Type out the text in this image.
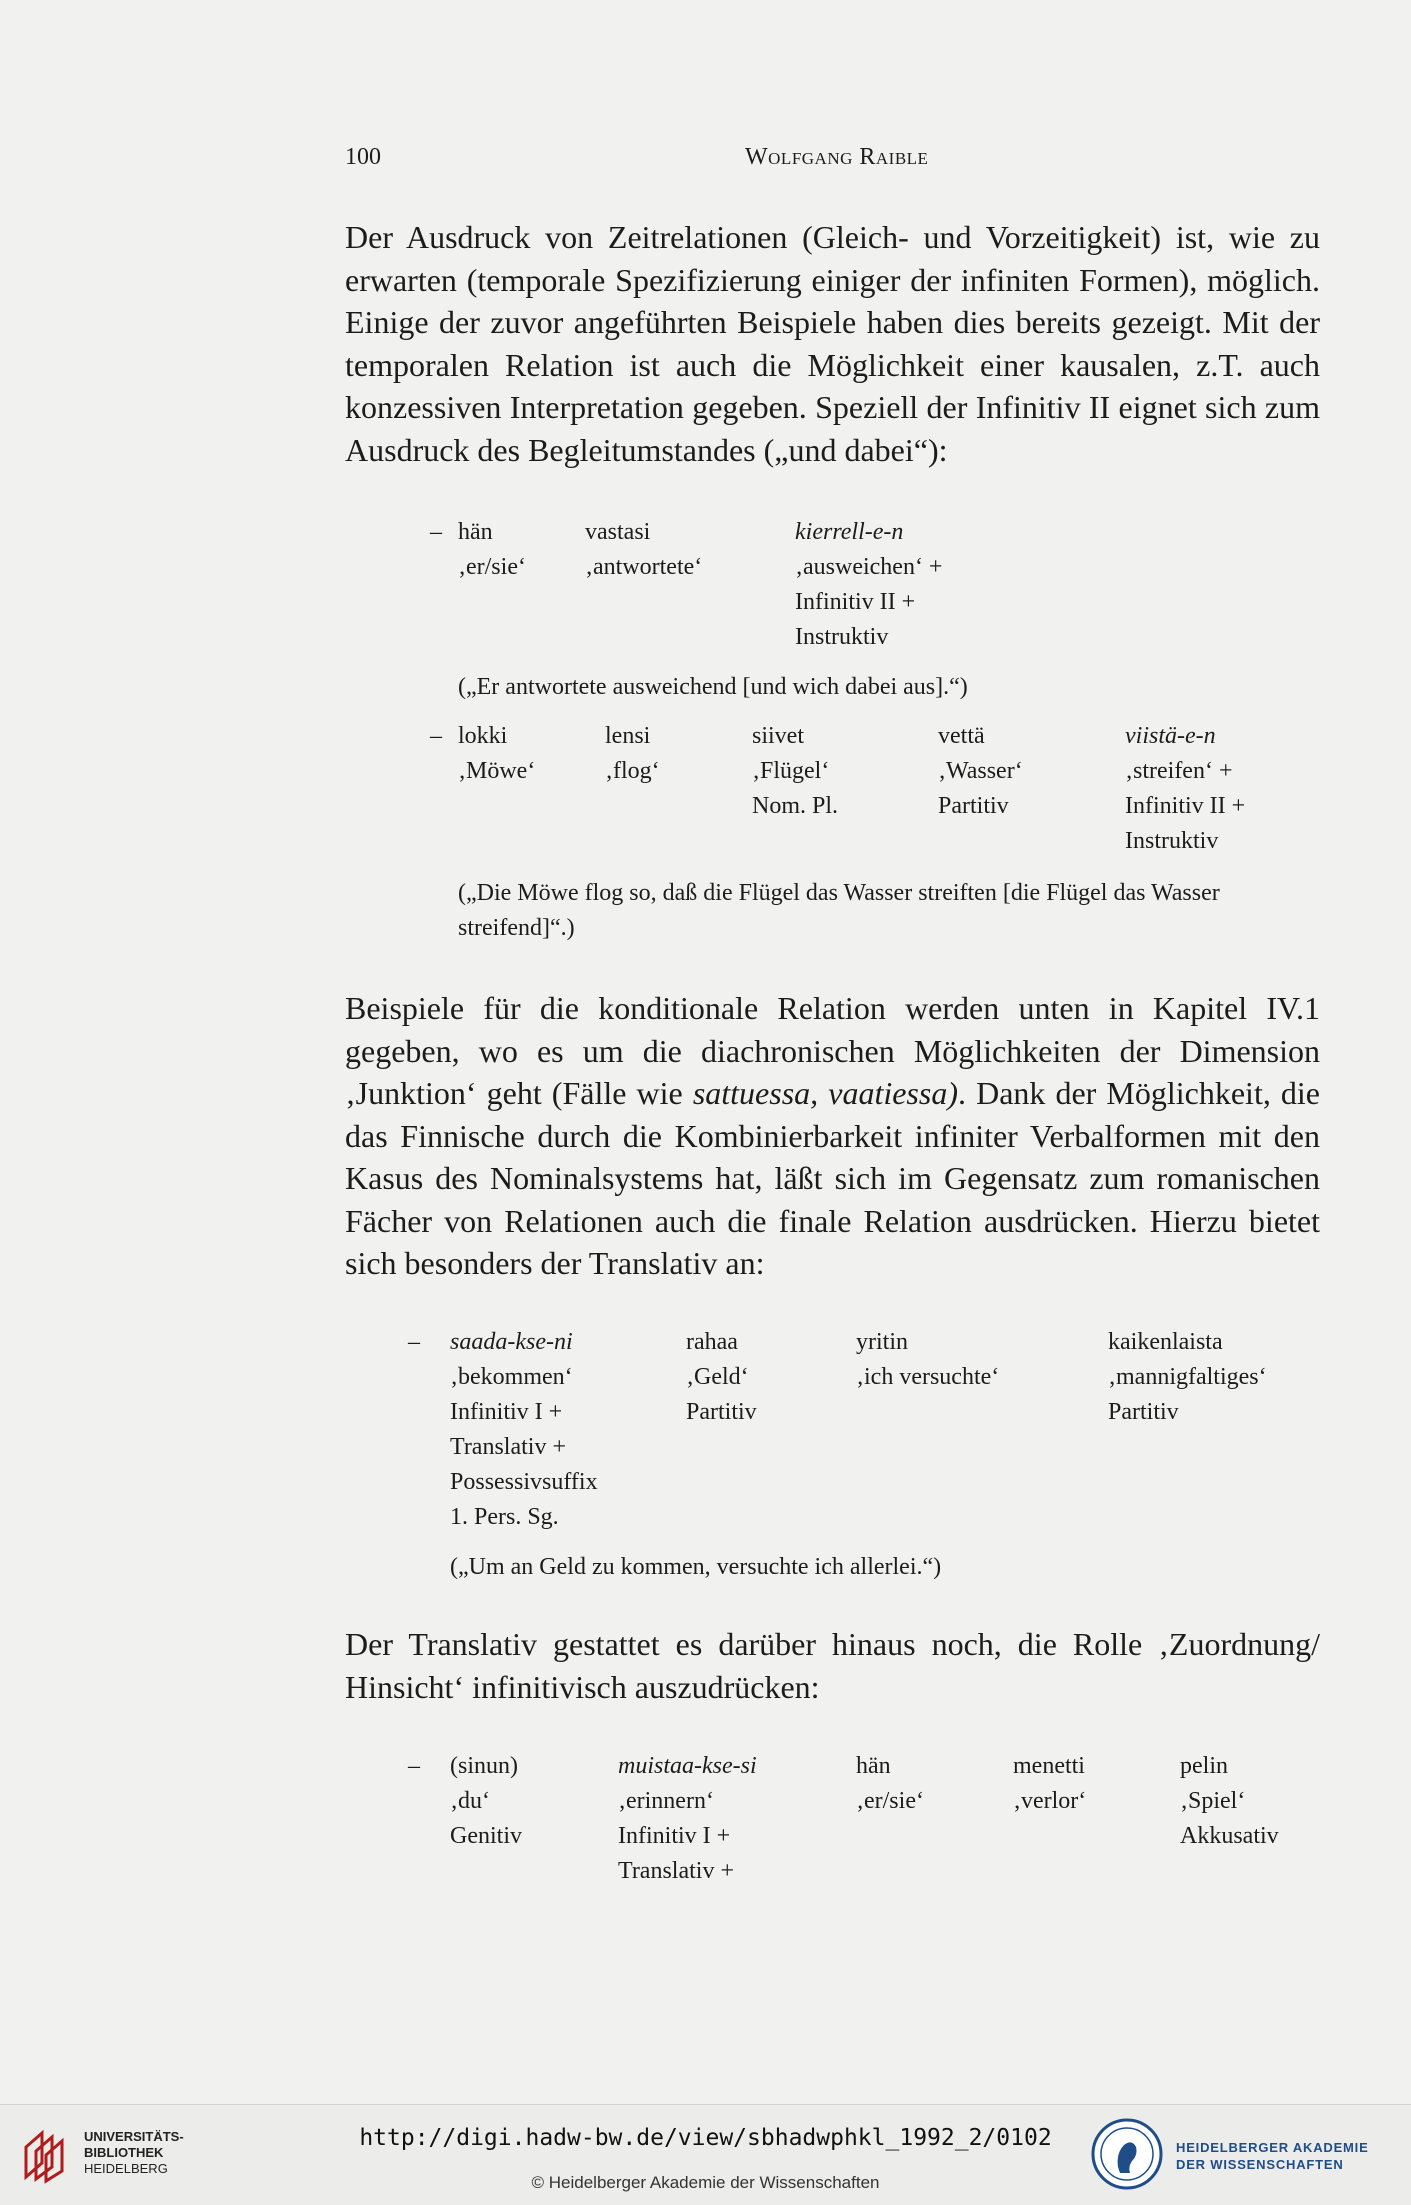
100	Wolfgang Raible
Der Ausdruck von Zeitrelationen (Gleich- und Vorzeitigkeit) ist, wie zu erwarten (temporale Spezifizierung einiger der infiniten Formen), möglich. Einige der zuvor angeführten Beispiele haben dies bereits gezeigt. Mit der temporalen Relation ist auch die Möglichkeit einer kausalen, z.T. auch konzessiven Interpretation gegeben. Speziell der Infinitiv II eignet sich zum Ausdruck des Begleitumstandes („und dabei“):
– hän
‚er/sie‘
vastasi
‚antwortete‘
kierrell-e-n
‚ausweichen‘ +
Infinitiv II +
Instruktiv
(„Er antwortete ausweichend [und wich dabei aus].“)
– lokki
‚Möwe‘
lensi
‚flog‘
siivet
‚Flügel‘
Nom. Pl.
vettä
‚Wasser‘
Partitiv
viistä-e-n
‚streifen‘ +
Infinitiv II +
Instruktiv
(„Die Möwe flog so, daß die Flügel das Wasser streiften [die Flügel das Wasser
streifend]“.)
Beispiele für die konditionale Relation werden unten in Kapitel IV.1 gegeben, wo es um die diachronischen Möglichkeiten der Dimension ‚Junktion‘ geht (Fälle wie sattuessa, vaatiessa). Dank der Möglichkeit, die das Finnische durch die Kombinierbarkeit infiniter Verbalformen mit den Kasus des Nominalsystems hat, läßt sich im Gegensatz zum romanischen Fächer von Relationen auch die finale Relation ausdrücken. Hierzu bietet sich besonders der Translativ an:
– saada-kse-ni
‚bekommen‘
Infinitiv I +
Translativ +
Possessivsuffix
1. Pers. Sg.
rahaa
‚Geld‘
Partitiv
yritin
‚ich versuchte‘
kaikenlaista
‚mannigfaltiges‘
Partitiv
(„Um an Geld zu kommen, versuchte ich allerlei.“)
Der Translativ gestattet es darüber hinaus noch, die Rolle ‚Zuordnung/ Hinsicht‘ infinitivisch auszudrücken:
– (sinun)
‚du‘
Genitiv
muistaa-kse-si
‚erinnern‘
Infinitiv I +
Translativ +
hän
‚er/sie‘
menetti
‚verlor‘
pelin
‚Spiel‘
Akkusativ
UNIVERSITÄTS-
BIBLIOTHEK
HEIDELBERG
http://digi.hadw-bw.de/view/sbhadwphkl_1992_2/0102
© Heidelberger Akademie der Wissenschaften
HEIDELBERGER AKADEMIE
DER WISSENSCHAFTEN
